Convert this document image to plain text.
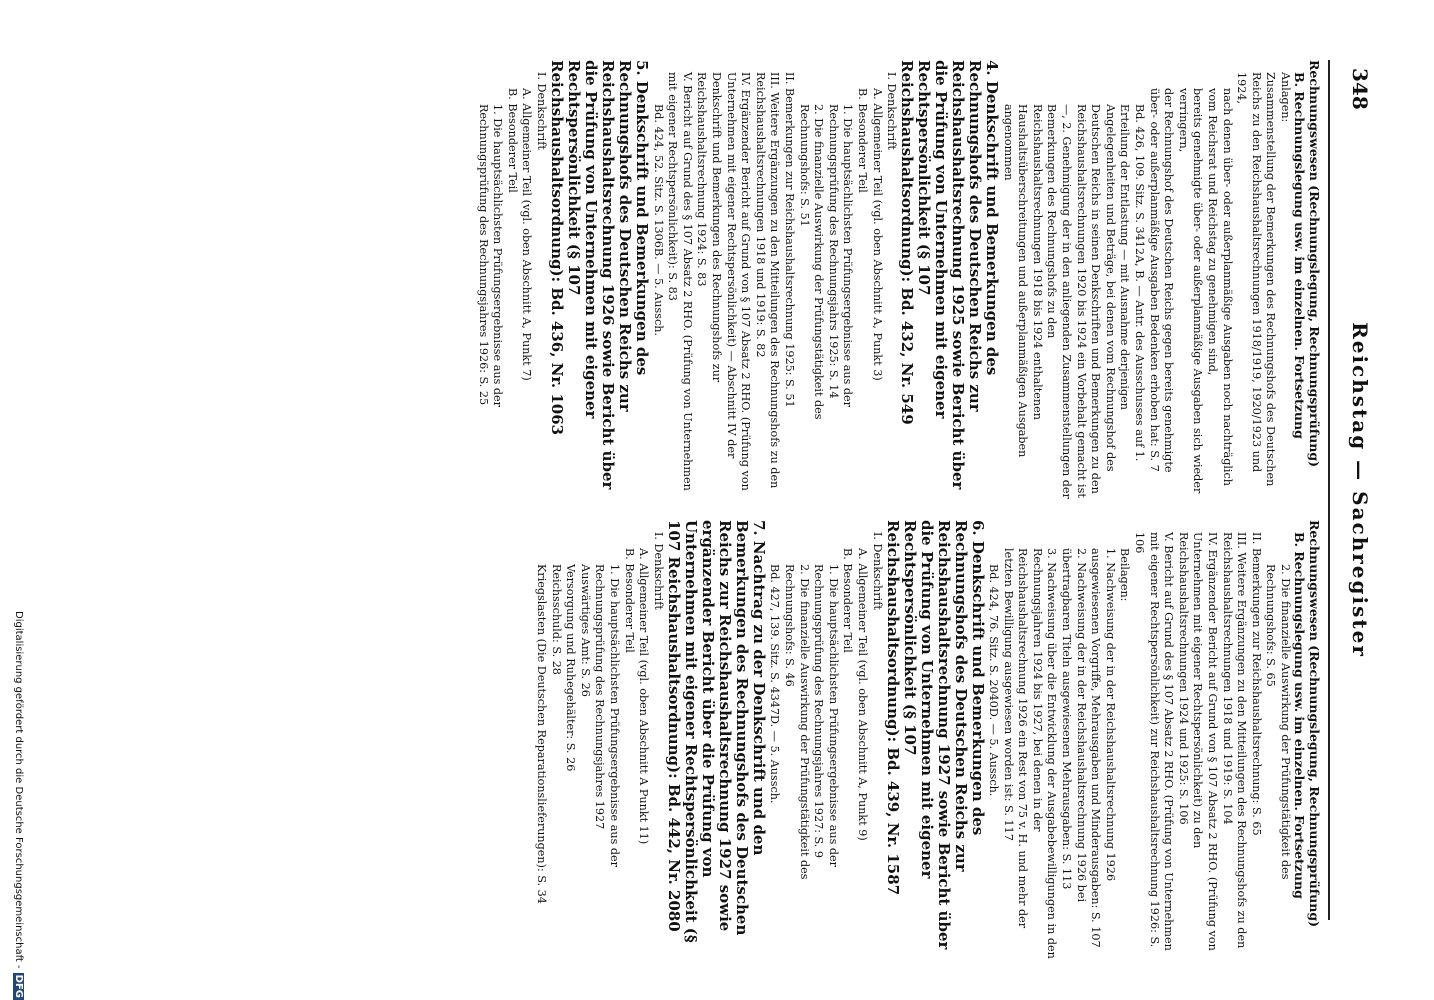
348
Reichstag — Sachregister
Rechnungswesen (Rechnungslegung, Rechnungsprüfung)
B. Rechnungslegung usw. im einzelnen. Fortsetzung
Anlagen:
Zusammenstellung der Bemerkungen des Rechnungshofs des Deutschen Reichs zu den Reichshaushaltsrechnungen 1918/1919, 1920/1923 und 1924,
nach denen über- oder außerplanmäßige Ausgaben noch nachträglich vom Reichsrat und Reichstag zu genehmigen sind,
bereits genehmigte über- oder außerplanmäßige Ausgaben sich wieder verringern,
der Rechnungshof des Deutschen Reichs gegen bereits genehmigte über- oder außerplanmäßige Ausgaben Bedenken erhoben hat: S. 7
Bd. 426, 109. Sitz. S. 3412A, B. — Antr. des Ausschusses auf 1. Erteilung der Entlastung — mit Ausnahme derjenigen Angelegenheiten und Beträge, bei denen vom Rechnungshof des Deutschen Reichs in seinen Denkschriften und Bemerkungen zu den Reichshaushaltsrechnungen 1920 bis 1924 ein Vorbehalt gemacht ist —, 2. Genehmigung der in den anliegenden Zusammenstellungen der Bemerkungen des Rechnungshofs zu den Reichshaushaltsrechnungen 1918 bis 1924 enthaltenen Haushaltsüberschreitungen und außerplanmäßigen Ausgaben angenommen
4. Denkschrift und Bemerkungen des Rechnungshofs des Deutschen Reichs zur Reichshaushaltsrechnung 1925 sowie Bericht über die Prüfung von Unternehmen mit eigener Rechtspersönlichkeit (§ 107 Reichshaushaltsordnung): Bd. 432, Nr. 549
I. Denkschrift
A. Allgemeiner Teil (vgl. oben Abschnitt A, Punkt 3)
B. Besonderer Teil
1. Die hauptsächlichsten Prüfungsergebnisse aus der Rechnungsprüfung des Rechnungsjahrs 1925: S. 14
2. Die finanzielle Auswirkung der Prüfungstätigkeit des Rechnungshofs: S. 51
II. Bemerkungen zur Reichshaushaltsrechnung 1925: S. 51
III. Weitere Ergänzungen zu den Mitteilungen des Rechnungshofs zu den Reichshaushaltsrechnungen 1918 und 1919: S. 82
IV. Ergänzender Bericht auf Grund von § 107 Absatz 2 RHO. (Prüfung von Unternehmen mit eigener Rechtspersönlichkeit) — Abschnitt IV der Denkschrift und Bemerkungen des Rechnungshofs zur Reichshaushaltsrechnung 1924: S. 83
V. Bericht auf Grund des § 107 Absatz 2 RHO. (Prüfung von Unternehmen mit eigener Rechtspersönlichkeit): S. 83
Bd. 424, 52. Sitz. S. 1306B. — 5. Aussch.
5. Denkschrift und Bemerkungen des Rechnungshofs des Deutschen Reichs zur Reichshaushaltsrechnung 1926 sowie Bericht über die Prüfung von Unternehmen mit eigener Rechtspersönlichkeit (§ 107 Reichshaushaltsordnung): Bd. 436, Nr. 1063
I. Denkschrift
A. Allgemeiner Teil (vgl. oben Abschnitt A, Punkt 7)
B. Besonderer Teil
1. Die hauptsächlichsten Prüfungsergebnisse aus der Rechnungsprüfung des Rechnungsjahres 1926: S. 25
Rechnungswesen (Rechnungslegung, Rechnungsprüfung)
B. Rechnungslegung usw. im einzelnen. Fortsetzung
2. Die finanzielle Auswirkung der Prüfungstätigkeit des Rechnungshofs: S. 65
II. Bemerkungen zur Reichshaushaltsrechnung: S. 65
III. Weitere Ergänzungen zu den Mitteilungen des Rechnungshofs zu den Reichshaushaltsrechnungen 1918 und 1919: S. 104
IV. Ergänzender Bericht auf Grund von § 107 Absatz 2 RHO. (Prüfung von Unternehmen mit eigener Rechtspersönlichkeit) zu den Reichshaushaltsrechnungen 1924 und 1925: S. 106
V. Bericht auf Grund des § 107 Absatz 2 RHO. (Prüfung von Unternehmen mit eigener Rechtspersönlichkeit) zur Reichshaushaltsrechnung 1926: S. 106
Beilagen:
1. Nachweisung der in der Reichshaushaltsrechnung 1926 ausgewiesenen Vorgriffe, Mehrausgaben und Minderausgaben: S. 107
2. Nachweisung der in der Reichshaushaltsrechnung 1926 bei übertragbaren Titeln ausgewiesenen Mehrausgaben: S. 113
3. Nachweisung über die Entwicklung der Ausgabebewilligungen in den Rechnungsjahren 1924 bis 1927, bei denen in der Reichshaushaltsrechnung 1926 ein Rest von 75 v. H. und mehr der letzten Bewilligung ausgewiesen worden ist: S. 117
Bd. 424, 76. Sitz. S. 2040D. — 5. Aussch.
6. Denkschrift und Bemerkungen des Rechnungshofs des Deutschen Reichs zur Reichshaushaltsrechnung 1927 sowie Bericht über die Prüfung von Unternehmen mit eigener Rechtspersönlichkeit (§ 107 Reichshaushaltsordnung): Bd. 439, Nr. 1587
I. Denkschrift
A. Allgemeiner Teil (vgl. oben Abschnitt A, Punkt 9)
B. Besonderer Teil
1. Die hauptsächlichsten Prüfungsergebnisse aus der Rechnungsprüfung des Rechnungsjahres 1927: S. 9
2. Die finanzielle Auswirkung der Prüfungstätigkeit des Rechnungshofs: S. 46
Bd. 427, 139. Sitz. S. 4347D. — 5. Aussch.
7. Nachtrag zu der Denkschrift und den Bemerkungen des Rechnungshofs des Deutschen Reichs zur Reichshaushaltsrechnung 1927 sowie ergänzender Bericht über die Prüfung von Unternehmen mit eigener Rechtspersönlichkeit (§ 107 Reichshaushaltsordnung): Bd. 442, Nr. 2080
I. Denkschrift
A. Allgemeiner Teil (vgl. oben Abschnitt A Punkt 11)
B. Besonderer Teil
1. Die hauptsächlichsten Prüfungsergebnisse aus der Rechnungsprüfung des Rechnungsjahres 1927
Auswärtiges Amt: S. 26
Versorgung und Ruhegehälter: S. 26
Reichsschuld: S. 28
Kriegslasten (Die Deutschen Reparationslieferungen): S. 34
Digitalisierung gefördert durch die Deutsche Forschungsgemeinschaft -DFG
